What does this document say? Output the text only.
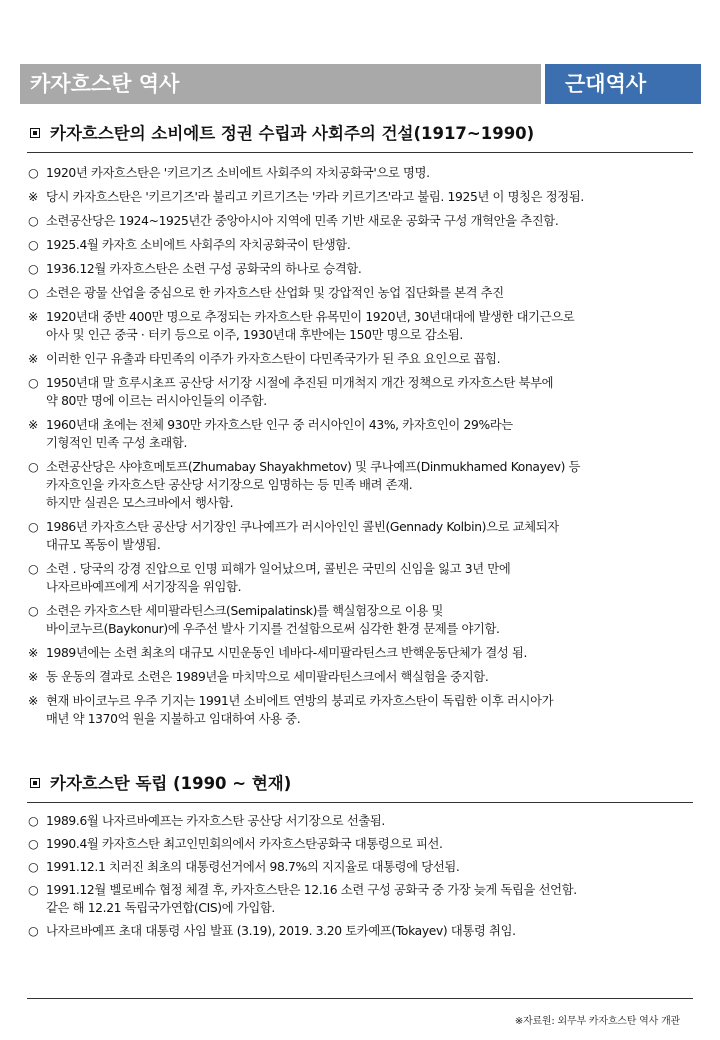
카자흐스탄 역사	근대역사
카자흐스탄의 소비에트 정권 수립과 사회주의 건설(1917~1990)
○ 1920년 카자흐스탄은 '키르기즈 소비에트 사회주의 자치공화국'으로 명명.
※ 당시 카자흐스탄은 '키르기즈'라 불리고 키르기즈는 '카라 키르기즈'라고 불림. 1925년 이 명칭은 정정됨.
○ 소련공산당은 1924~1925년간 중앙아시아 지역에 민족 기반 새로운 공화국 구성 개혁안을 추진함.
○ 1925.4월 카자흐 소비에트 사회주의 자치공화국이 탄생함.
○ 1936.12월 카자흐스탄은 소련 구성 공화국의 하나로 승격함.
○ 소련은 광물 산업을 중심으로 한 카자흐스탄 산업화 및 강압적인 농업 집단화를 본격 추진
※ 1920년대 중반 400만 명으로 추정되는 카자흐스탄 유목민이 1920년, 30년대대에 발생한 대기근으로
아사 및 인근 중국 · 터키 등으로 이주, 1930년대 후반에는 150만 명으로 감소됨.
※ 이러한 인구 유출과 타민족의 이주가 카자흐스탄이 다민족국가가 된 주요 요인으로 꼽힘.
○ 1950년대 말 흐루시초프 공산당 서기장 시절에 추진된 미개척지 개간 정책으로 카자흐스탄 북부에
약 80만 명에 이르는 러시아인들의 이주함.
※ 1960년대 초에는 전체 930만 카자흐스탄 인구 중 러시아인이 43%, 카자흐인이 29%라는
기형적인 민족 구성 초래함.
○ 소련공산당은 샤야흐메토프(Zhumabay Shayakhmetov) 및 쿠나예프(Dinmukhamed Konayev) 등
카자흐인을 카자흐스탄 공산당 서기장으로 임명하는 등 민족 배려 존재.
하지만 실권은 모스크바에서 행사함.
○ 1986년 카자흐스탄 공산당 서기장인 쿠나예프가 러시아인인 콜빈(Gennady Kolbin)으로 교체되자
대규모 폭동이 발생됨.
○ 소련 . 당국의 강경 진압으로 인명 피해가 일어났으며, 콜빈은 국민의 신임을 잃고 3년 만에
나자르바예프에게 서기장직을 위임함.
○ 소련은 카자흐스탄 세미팔라틴스크(Semipalatinsk)를 핵실험장으로 이용 및
바이코누르(Baykonur)에 우주선 발사 기지를 건설함으로써 심각한 환경 문제를 야기함.
※ 1989년에는 소련 최초의 대규모 시민운동인 네바다-세미팔라틴스크 반핵운동단체가 결성 됨.
※ 동 운동의 결과로 소련은 1989년을 마치막으로 세미팔라틴스크에서 핵실험을 중지함.
※ 현재 바이코누르 우주 기지는 1991년 소비에트 연방의 붕괴로 카자흐스탄이 독립한 이후 러시아가
매년 약 1370억 원을 지불하고 임대하여 사용 중.
카자흐스탄 독립 (1990 ~ 현재)
○ 1989.6월 나자르바예프는 카자흐스탄 공산당 서기장으로 선출됨.
○ 1990.4월 카자흐스탄 최고인민회의에서 카자흐스탄공화국 대통령으로 피선.
○ 1991.12.1 치러진 최초의 대통령선거에서 98.7%의 지지율로 대통령에 당선됨.
○ 1991.12월 벨로베슈 협정 체결 후, 카자흐스탄은 12.16 소련 구성 공화국 중 가장 늦게 독립을 선언함.
같은 해 12.21 독립국가연합(CIS)에 가입함.
○ 나자르바예프 초대 대통령 사임 발표 (3.19), 2019. 3.20 토카예프(Tokayev) 대통령 취임.
※자료원: 외무부 카자흐스탄 역사 개관
